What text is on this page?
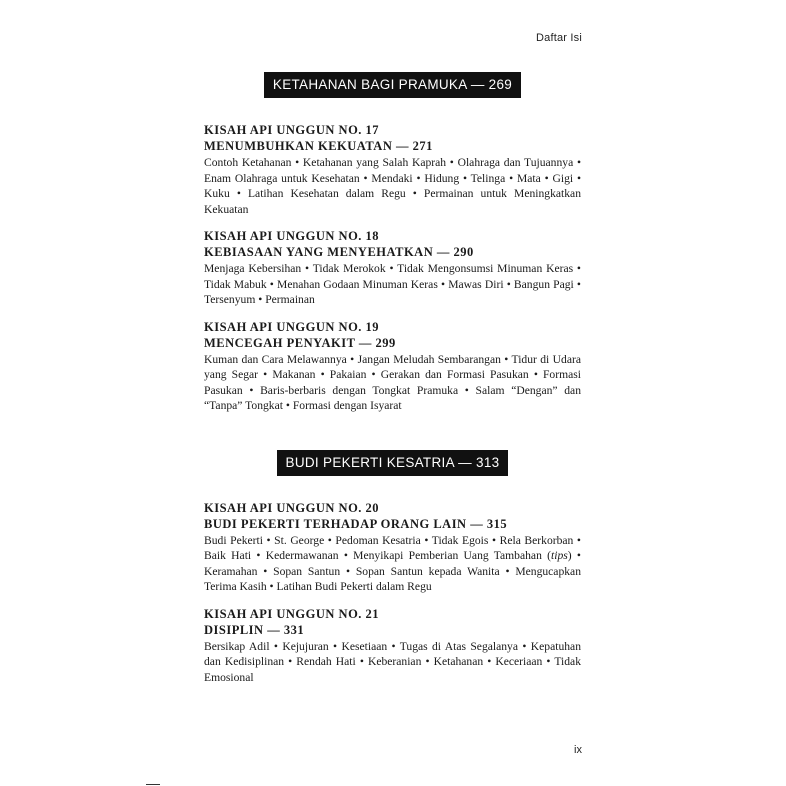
Daftar Isi
KETAHANAN BAGI PRAMUKA — 269
KISAH API UNGGUN NO. 17
MENUMBUHKAN KEKUATAN — 271
Contoh Ketahanan • Ketahanan yang Salah Kaprah • Olahraga dan Tujuannya • Enam Olahraga untuk Kesehatan • Mendaki • Hidung • Telinga • Mata • Gigi • Kuku • Latihan Kesehatan dalam Regu • Permainan untuk Meningkatkan Kekuatan
KISAH API UNGGUN NO. 18
KEBIASAAN YANG MENYEHATKAN — 290
Menjaga Kebersihan • Tidak Merokok • Tidak Mengonsumsi Minuman Keras • Tidak Mabuk • Menahan Godaan Minuman Keras • Mawas Diri • Bangun Pagi • Tersenyum • Permainan
KISAH API UNGGUN NO. 19
MENCEGAH PENYAKIT — 299
Kuman dan Cara Melawannya • Jangan Meludah Sembarangan • Tidur di Udara yang Segar • Makanan • Pakaian • Gerakan dan Formasi Pasukan • Formasi Pasukan • Baris-berbaris dengan Tongkat Pramuka • Salam “Dengan” dan “Tanpa” Tongkat • Formasi dengan Isyarat
BUDI PEKERTI KESATRIA — 313
KISAH API UNGGUN NO. 20
BUDI PEKERTI TERHADAP ORANG LAIN — 315
Budi Pekerti • St. George • Pedoman Kesatria • Tidak Egois • Rela Berkorban • Baik Hati • Kedermawanan • Menyikapi Pemberian Uang Tambahan (tips) • Keramahan • Sopan Santun • Sopan Santun kepada Wanita • Mengucapkan Terima Kasih • Latihan Budi Pekerti dalam Regu
KISAH API UNGGUN NO. 21
DISIPLIN — 331
Bersikap Adil • Kejujuran • Kesetiaan • Tugas di Atas Segalanya • Kepatuhan dan Kedisiplinan • Rendah Hati • Keberanian • Ketahanan • Keceriaan • Tidak Emosional
ix
